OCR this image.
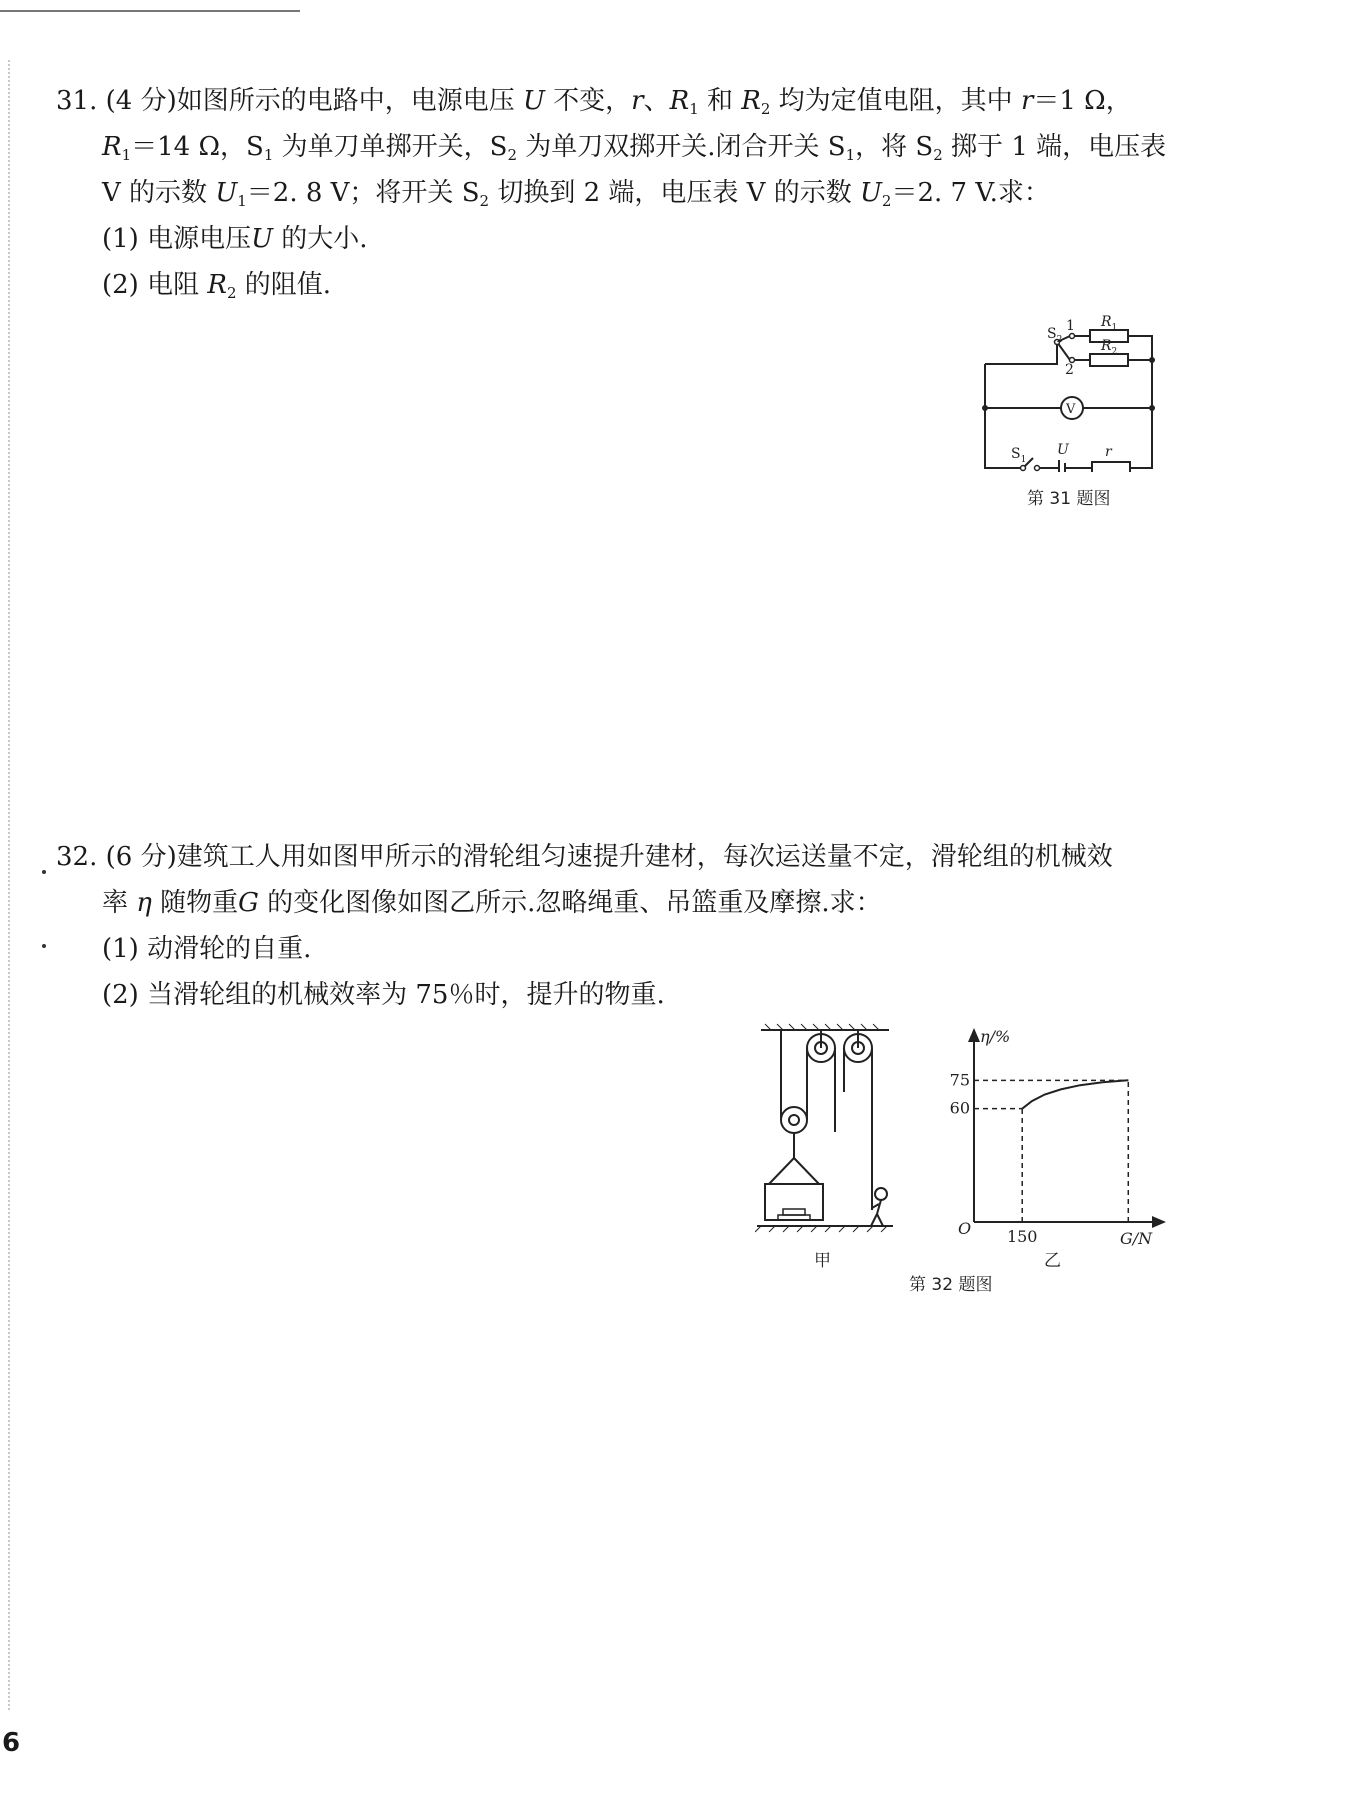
31. (4 分)如图所示的电路中，电源电压 U 不变，r、$R_1$ 和 $R_2$ 均为定值电阻，其中 r＝1 Ω，
$R_1=14$ Ω，$S_1$ 为单刀单掷开关，$S_2$ 为单刀双掷开关.闭合开关 $S_1$，将 $S_2$ 掷于 1 端，电压表
V 的示数 $U_1=2$. 8 V；将开关 $S_2$ 切换到 2 端，电压表 V 的示数 $U_2=2$. 7 V.求：
(1) 电源电压U 的大小.
(2) 电阻 $R_2$ 的阻值.
$S_2$
1
2
$R_1$
$R_2$
V
$S_1$
U	r
第 31 题图
32. (6 分)建筑工人用如图甲所示的滑轮组匀速提升建材，每次运送量不定，滑轮组的机械效
率 η 随物重G 的变化图像如图乙所示.忽略绳重、吊篮重及摩擦.求：
(1) 动滑轮的自重.
(2) 当滑轮组的机械效率为 75％时，提升的物重.
甲
η/%
G/N
O
75
60
150
乙
第 32 题图
6
